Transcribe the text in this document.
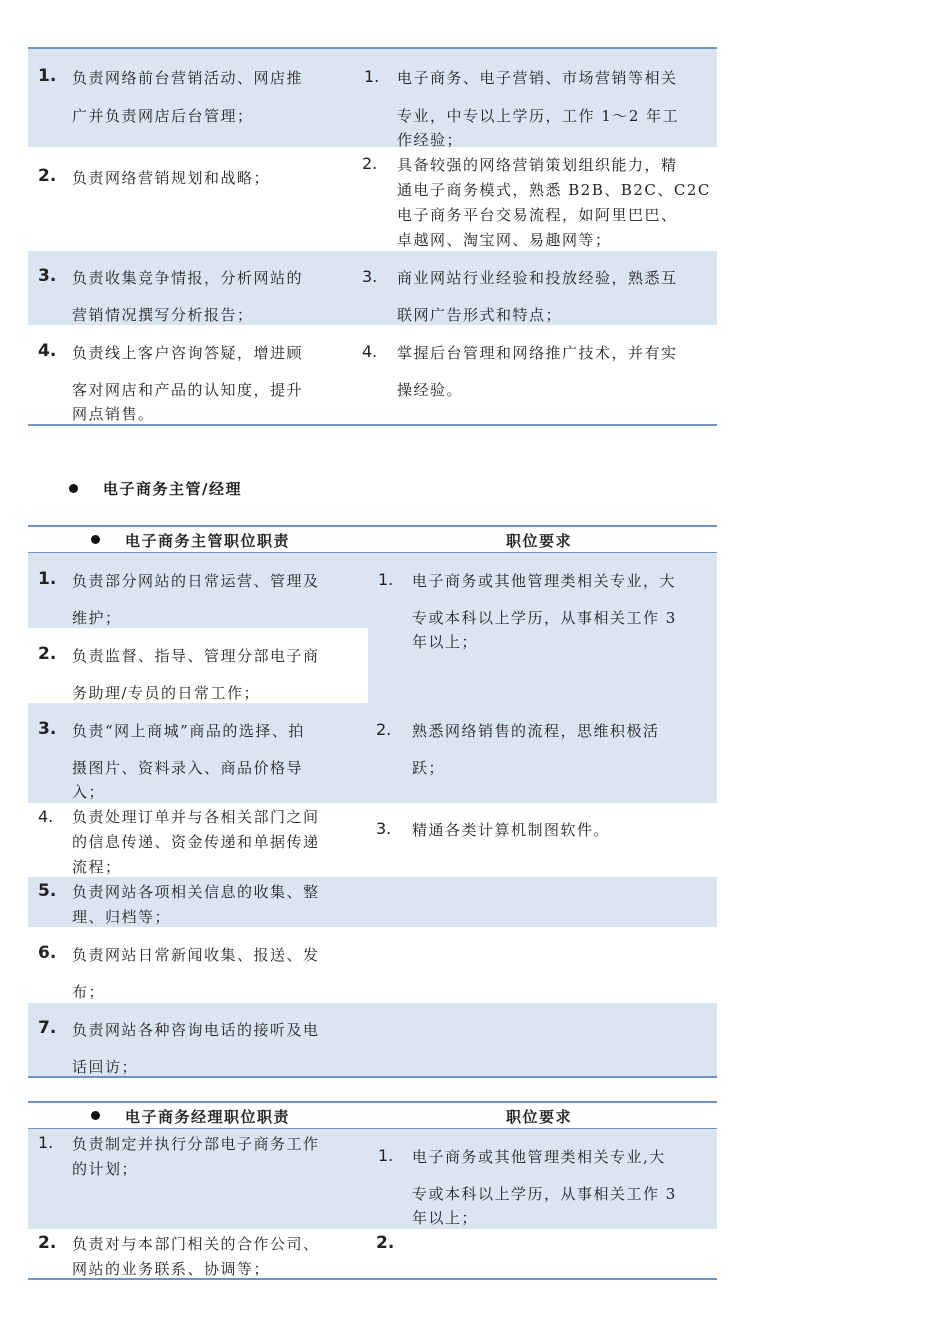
1. 负责网络前台营销活动、网店推
广并负责网店后台管理；
1. 电子商务、电子营销、市场营销等相关
专业，中专以上学历，工作 1～2 年工
作经验；
2. 负责网络营销规划和战略；
2. 具备较强的网络营销策划组织能力，精
通电子商务模式，熟悉 B2B、B2C、C2C
电子商务平台交易流程，如阿里巴巴、
卓越网、淘宝网、易趣网等；
3. 负责收集竞争情报，分析网站的
营销情况撰写分析报告；
3. 商业网站行业经验和投放经验，熟悉互
联网广告形式和特点；
4. 负责线上客户咨询答疑，增进顾
客对网店和产品的认知度，提升
网点销售。
4. 掌握后台管理和网络推广技术，并有实
操经验。
电子商务主管/经理
电子商务主管职位职责	职位要求
1. 负责部分网站的日常运营、管理及
维护；
2. 负责监督、指导、管理分部电子商
务助理/专员的日常工作；
3. 负责“网上商城”商品的选择、拍
摄图片、资料录入、商品价格导
入；
4. 负责处理订单并与各相关部门之间
的信息传递、资金传递和单据传递
流程；
5. 负责网站各项相关信息的收集、整
理、归档等；
6. 负责网站日常新闻收集、报送、发
布；
7. 负责网站各种咨询电话的接听及电
话回访；
1. 电子商务或其他管理类相关专业，大
专或本科以上学历，从事相关工作 3
年以上；
2. 熟悉网络销售的流程，思维积极活
跃；
3. 精通各类计算机制图软件。
电子商务经理职位职责	职位要求
1. 负责制定并执行分部电子商务工作
的计划；
1. 电子商务或其他管理类相关专业,大
专或本科以上学历，从事相关工作 3
年以上；
2. 负责对与本部门相关的合作公司、
网站的业务联系、协调等；
2.
